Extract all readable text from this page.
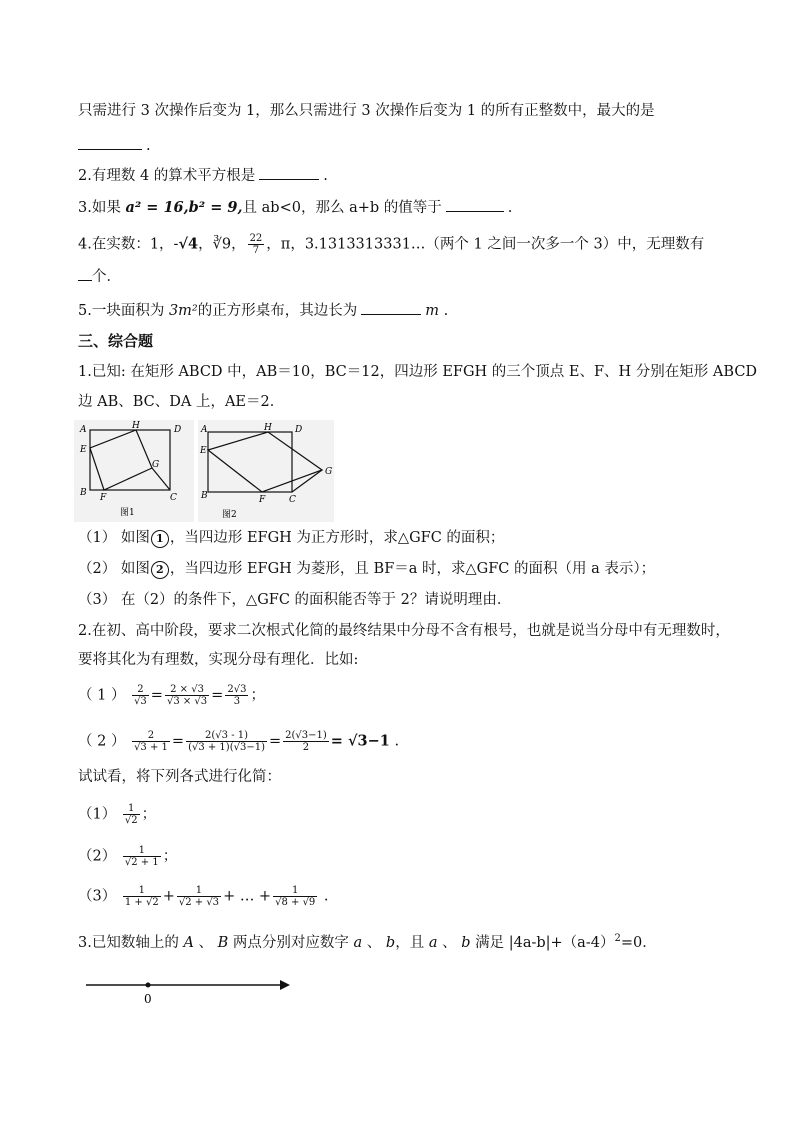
只需进行 3 次操作后变为 1，那么只需进行 3 次操作后变为 1 的所有正整数中，最大的是
.
2.有理数 4 的算术平方根是	.
3.如果 a² = 16,b² = 9,且 ab<0，那么 a+b 的值等于	.
4.在实数：1，-√4，∛9， $\frac{22}{7}$ ，π，3.1313313331…（两个 1 之间一次多一个 3）中，无理数有
个．
5.一块面积为 3m²的正方形桌布，其边长为	m .
三、综合题
1.已知: 在矩形 ABCD 中，AB＝10，BC＝12，四边形 EFGH 的三个顶点 E、F、H 分别在矩形 ABCD
边 AB、BC、DA 上，AE＝2．
A
E
B F
G
H	D
C
图1
A
E
B	F
G
H	D
C
图2
（1） 如图 1 ，当四边形 EFGH 为正方形时，求△GFC 的面积；
（2） 如图 2 ，当四边形 EFGH 为菱形，且 BF＝a 时，求△GFC 的面积（用 a 表示）；
（3） 在（2）的条件下，△GFC 的面积能否等于 2？请说明理由．
2.在初、高中阶段，要求二次根式化简的最终结果中分母不含有根号，也就是说当分母中有无理数时，
要将其化为有理数，实现分母有理化．比如:
（ 1 ） $\frac{2}{√3} = \frac{2 \times √3}{√3 \times √3} = \frac{2√3}{3}$ ；
（ 2 ） $\frac{2}{√3 + 1} = \frac{2(√3 - 1)}{(√3 + 1)(√3-1)} = \frac{2(√3-1)}{2} = √3-1$ .
试试看，将下列各式进行化简：
$(1) \frac{1}{√2}$ ；
$(2) \frac{1}{√2 + 1}$ ；
$(3) \frac{1}{1 + √2} + \frac{1}{√2 + √3}$ + … + $\frac{1}{√8 + √9}$ .
3.已知数轴上的 A 、 B 两点分别对应数字 a 、 b，且 a 、 b 满足 $|4a-b|+(a-4)^2=0$．
0
